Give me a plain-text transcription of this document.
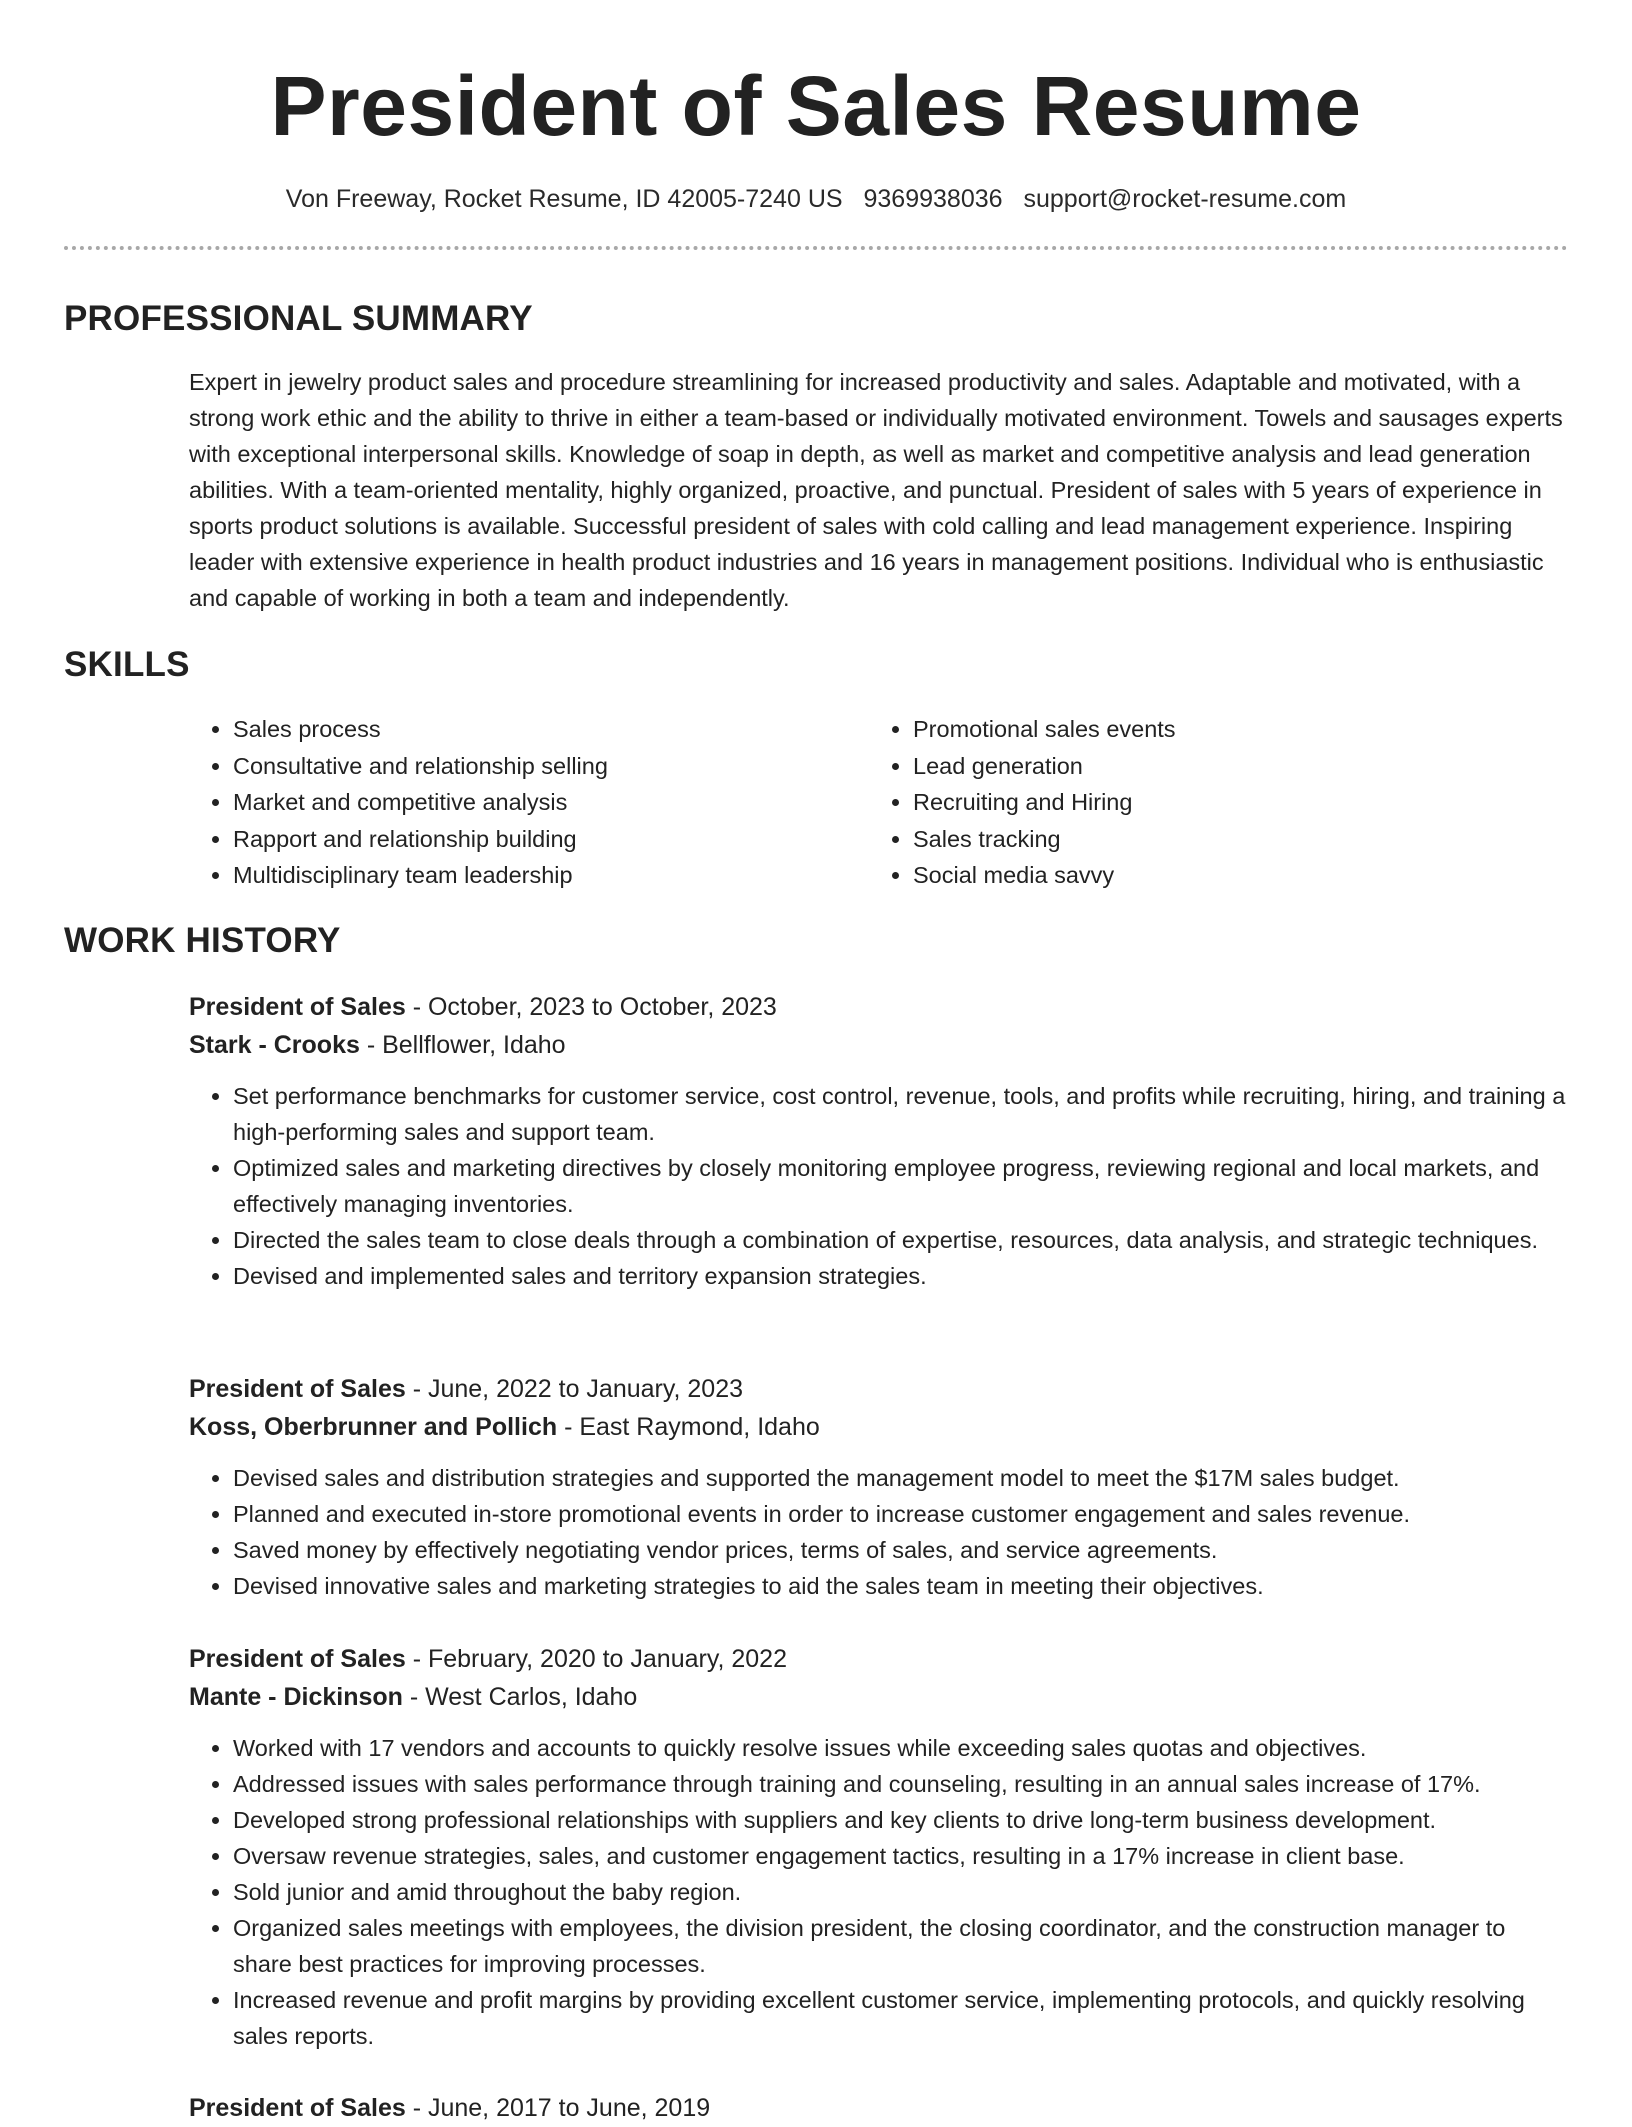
President of Sales Resume
Von Freeway, Rocket Resume, ID 42005-7240 US 9369938036 support@rocket-resume.com
PROFESSIONAL SUMMARY

Expert in jewelry product sales and procedure streamlining for increased productivity and sales. Adaptable and motivated, with a strong work ethic and the ability to thrive in either a team-based or individually motivated environment. Towels and sausages experts with exceptional interpersonal skills. Knowledge of soap in depth, as well as market and competitive analysis and lead generation abilities. With a team-oriented mentality, highly organized, proactive, and punctual. President of sales with 5 years of experience in sports product solutions is available. Successful president of sales with cold calling and lead management experience. Inspiring leader with extensive experience in health product industries and 16 years in management positions. Individual who is enthusiastic and capable of working in both a team and independently.

SKILLS
• Sales process
• Consultative and relationship selling
• Market and competitive analysis
• Rapport and relationship building
• Multidisciplinary team leadership
• Promotional sales events
• Lead generation
• Recruiting and Hiring
• Sales tracking
• Social media savvy
WORK HISTORY
President of Sales - October, 2023 to October, 2023
Stark - Crooks - Bellflower, Idaho
• Set performance benchmarks for customer service, cost control, revenue, tools, and profits while recruiting, hiring, and training a high-performing sales and support team.
• Optimized sales and marketing directives by closely monitoring employee progress, reviewing regional and local markets, and effectively managing inventories.
• Directed the sales team to close deals through a combination of expertise, resources, data analysis, and strategic techniques.
• Devised and implemented sales and territory expansion strategies.
President of Sales - June, 2022 to January, 2023
Koss, Oberbrunner and Pollich - East Raymond, Idaho
• Devised sales and distribution strategies and supported the management model to meet the $17M sales budget.
• Planned and executed in-store promotional events in order to increase customer engagement and sales revenue.
• Saved money by effectively negotiating vendor prices, terms of sales, and service agreements.
• Devised innovative sales and marketing strategies to aid the sales team in meeting their objectives.
President of Sales - February, 2020 to January, 2022
Mante - Dickinson - West Carlos, Idaho
• Worked with 17 vendors and accounts to quickly resolve issues while exceeding sales quotas and objectives.
• Addressed issues with sales performance through training and counseling, resulting in an annual sales increase of 17%.
• Developed strong professional relationships with suppliers and key clients to drive long-term business development.
• Oversaw revenue strategies, sales, and customer engagement tactics, resulting in a 17% increase in client base.
• Sold junior and amid throughout the baby region.
• Organized sales meetings with employees, the division president, the closing coordinator, and the construction manager to share best practices for improving processes.
• Increased revenue and profit margins by providing excellent customer service, implementing protocols, and quickly resolving sales reports.
President of Sales - June, 2017 to June, 2019
